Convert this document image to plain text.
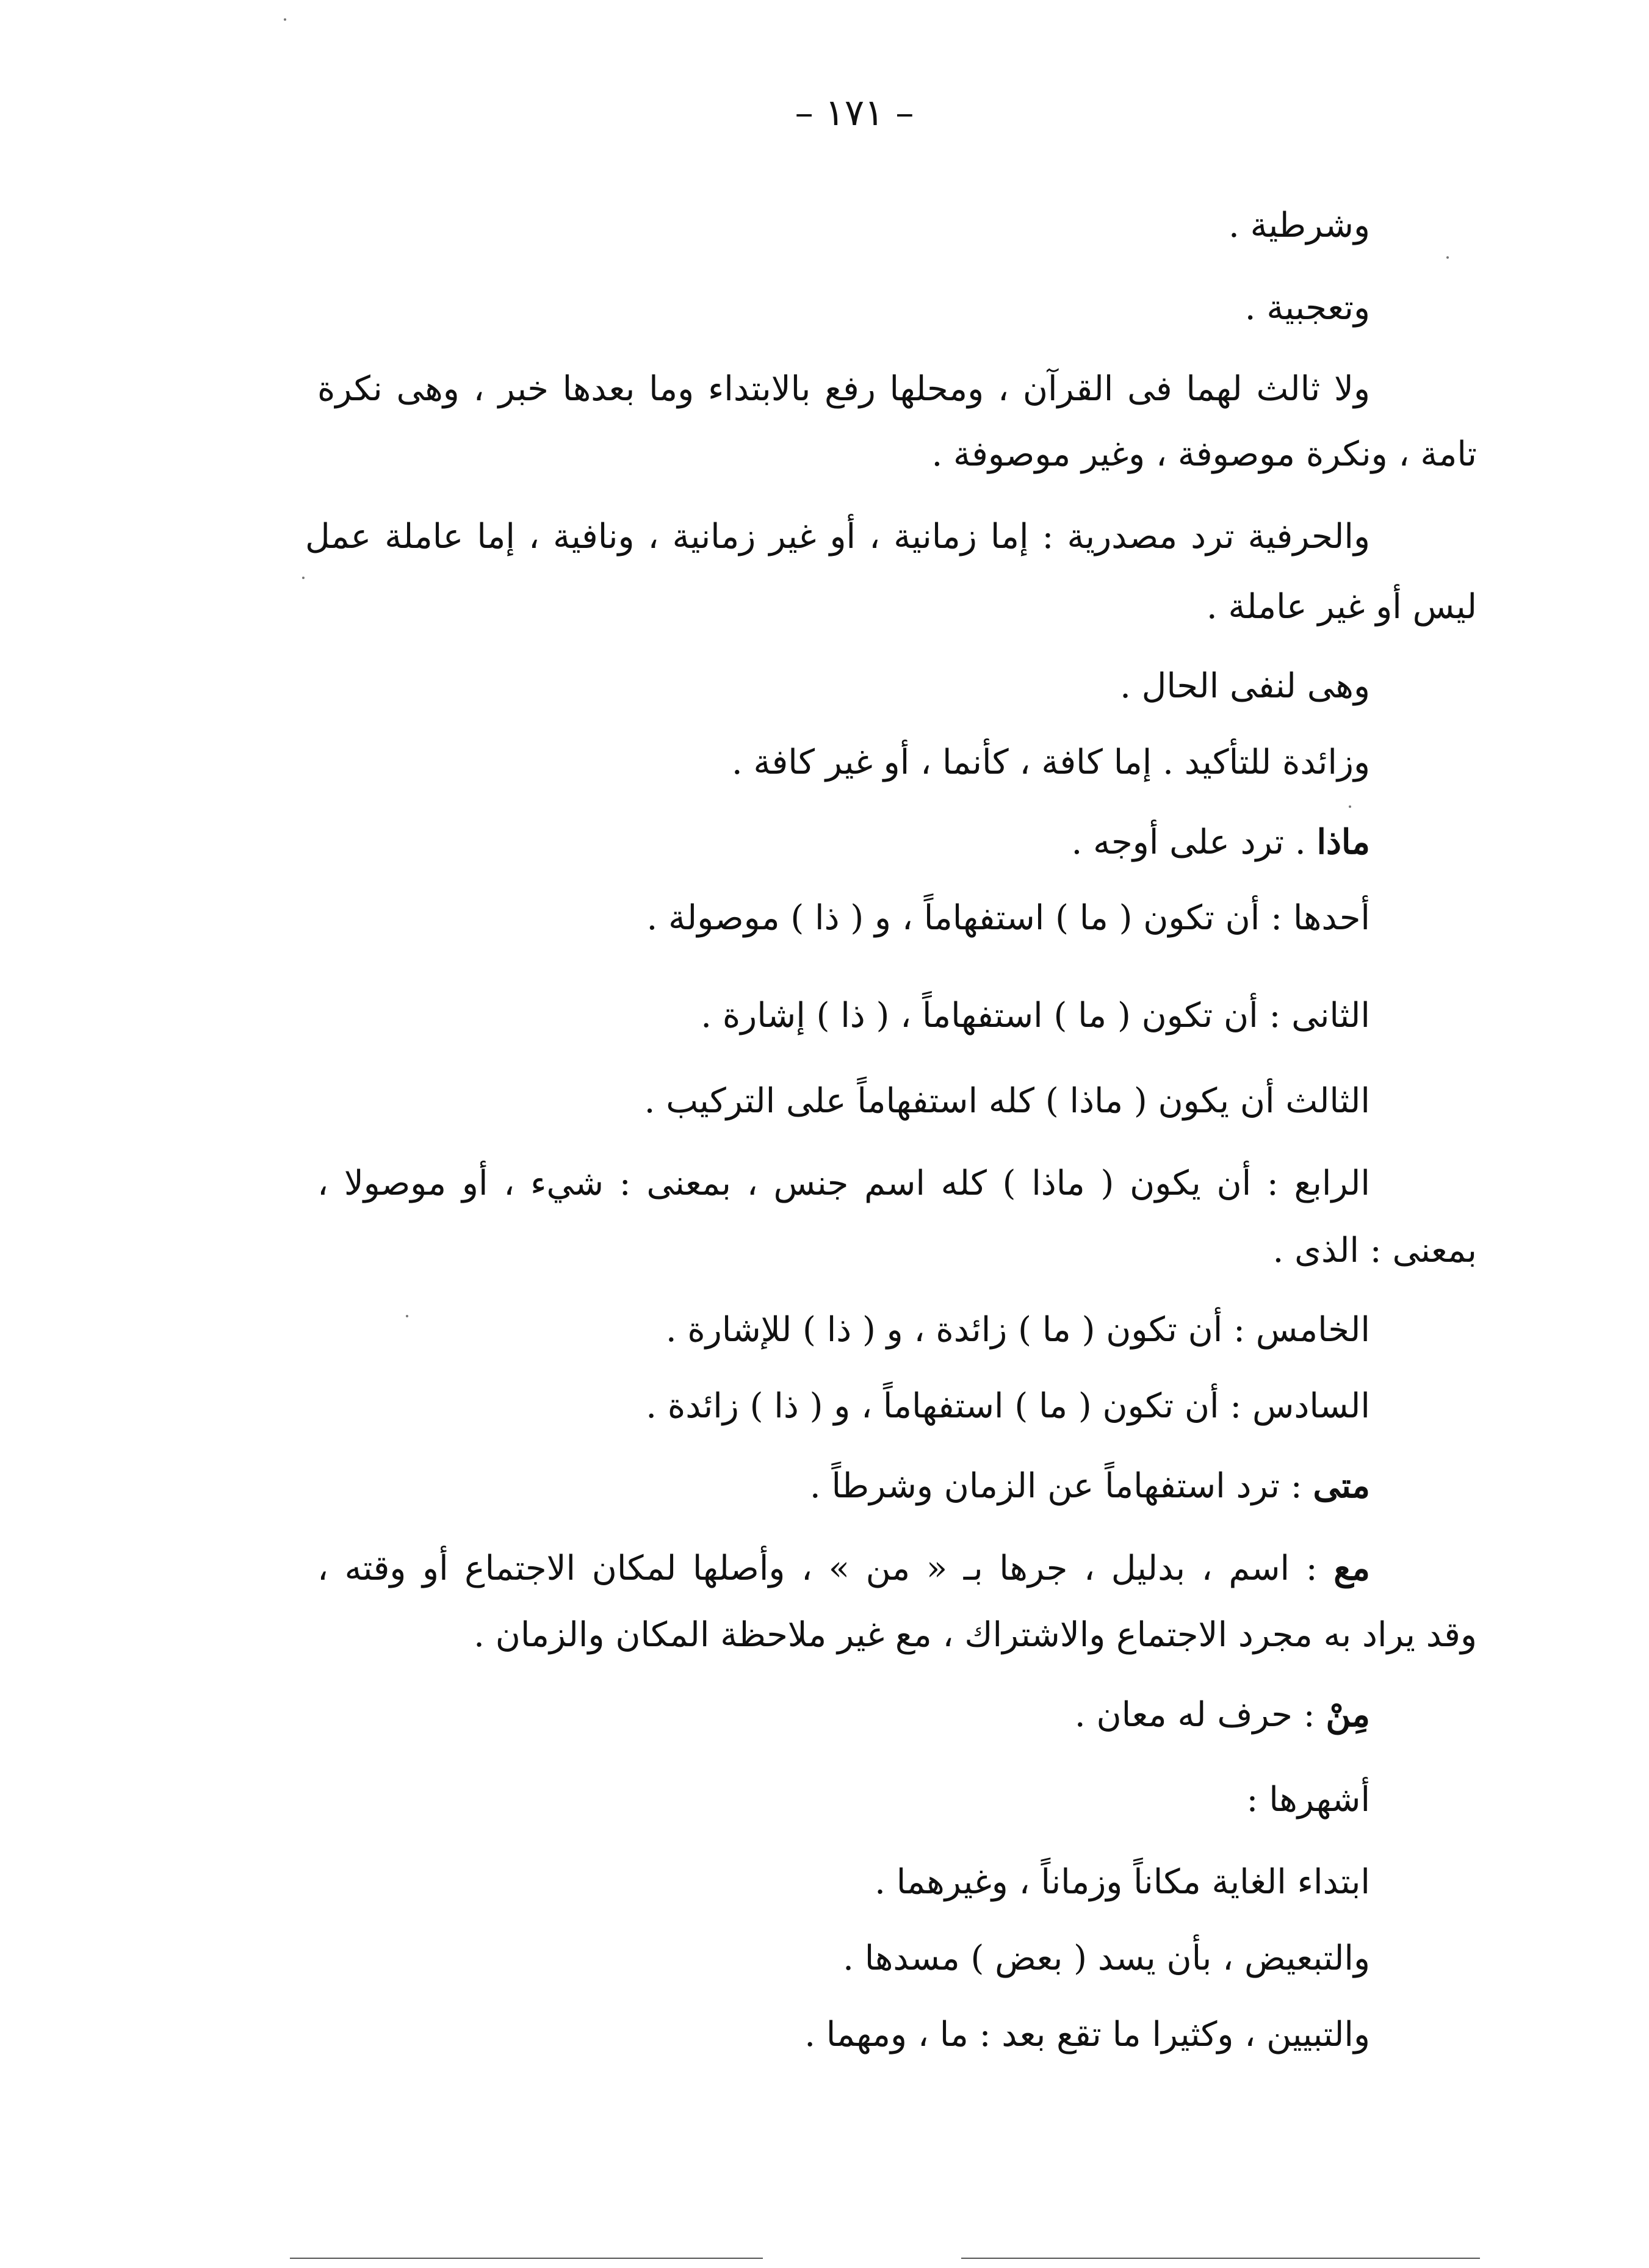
– ١٧١ –
وشرطية .
وتعجبية .
ولا ثالث لهما فى القرآن ، ومحلها رفع بالابتداء وما بعدها خبر ، وهى نكرة
تامة ، ونكرة موصوفة ، وغير موصوفة .
والحرفية ترد مصدرية : إما زمانية ، أو غير زمانية ، ونافية ، إما عاملة عمل
ليس أو غير عاملة .
وهى لنفى الحال .
وزائدة للتأكيد . إما كافة ، كأنما ، أو غير كافة .
ماذا . ترد على أوجه .
أحدها : أن تكون ( ما ) استفهاماً ، و ( ذا ) موصولة .
الثانى : أن تكون ( ما ) استفهاماً ، ( ذا ) إشارة .
الثالث أن يكون ( ماذا ) كله استفهاماً على التركيب .
الرابع : أن يكون ( ماذا ) كله اسم جنس ، بمعنى : شيء ، أو موصولا ،
بمعنى : الذى .
الخامس : أن تكون ( ما ) زائدة ، و ( ذا ) للإشارة .
السادس : أن تكون ( ما ) استفهاماً ، و ( ذا ) زائدة .
متى : ترد استفهاماً عن الزمان وشرطاً .
مع : اسم ، بدليل ، جرها بـ « من » ، وأصلها لمكان الاجتماع أو وقته ،
وقد يراد به مجرد الاجتماع والاشتراك ، مع غير ملاحظة المكان والزمان .
مِنْ : حرف له معان .
أشهرها :
ابتداء الغاية مكاناً وزماناً ، وغيرهما .
والتبعيض ، بأن يسد ( بعض ) مسدها .
والتبيين ، وكثيرا ما تقع بعد : ما ، ومهما .
